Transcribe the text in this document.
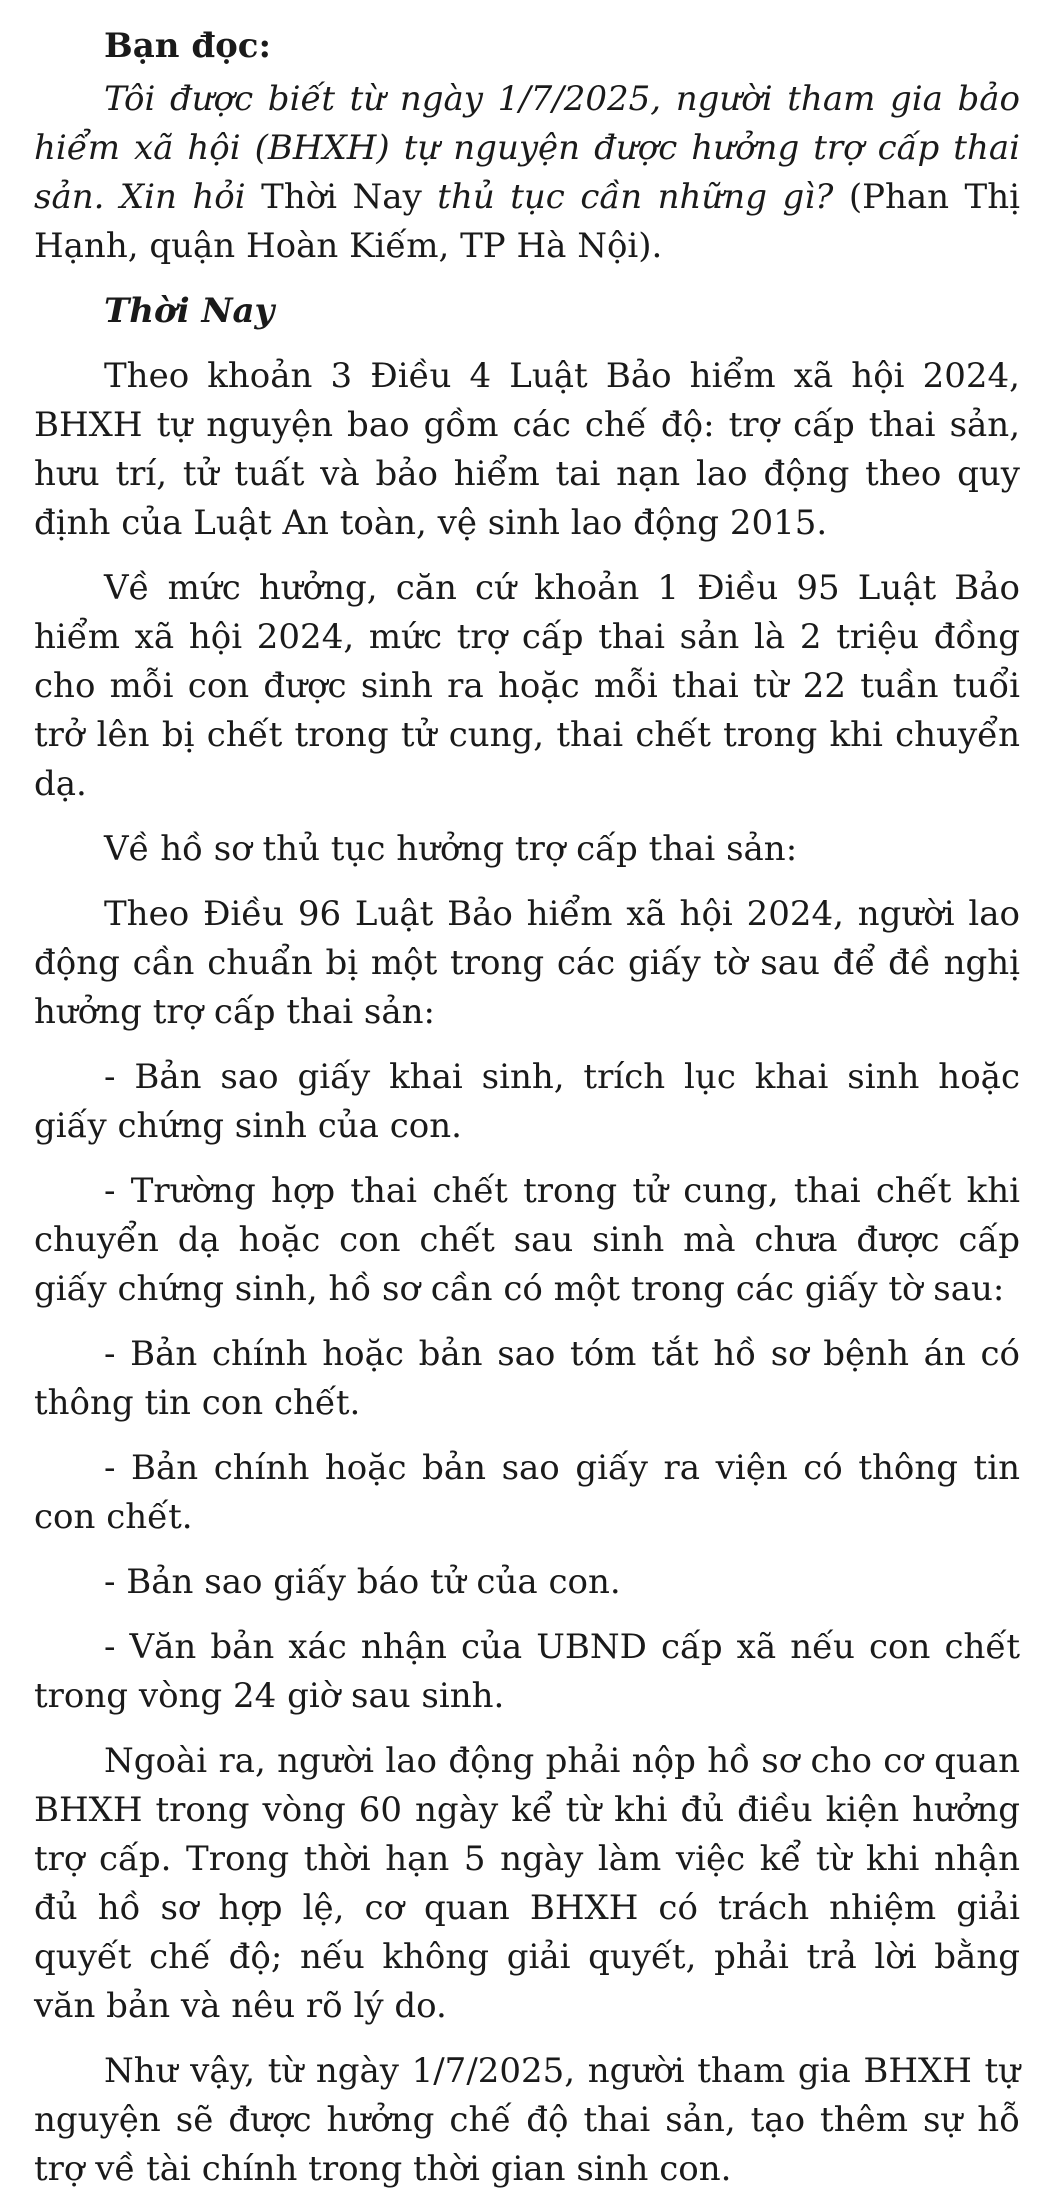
Bạn đọc:

Tôi được biết từ ngày 1/7/2025, người tham gia bảo hiểm xã hội (BHXH) tự nguyện được hưởng trợ cấp thai sản. Xin hỏi Thời Nay thủ tục cần những gì? (Phan Thị Hạnh, quận Hoàn Kiếm, TP Hà Nội).

Thời Nay

Theo khoản 3 Điều 4 Luật Bảo hiểm xã hội 2024, BHXH tự nguyện bao gồm các chế độ: trợ cấp thai sản, hưu trí, tử tuất và bảo hiểm tai nạn lao động theo quy định của Luật An toàn, vệ sinh lao động 2015.

Về mức hưởng, căn cứ khoản 1 Điều 95 Luật Bảo hiểm xã hội 2024, mức trợ cấp thai sản là 2 triệu đồng cho mỗi con được sinh ra hoặc mỗi thai từ 22 tuần tuổi trở lên bị chết trong tử cung, thai chết trong khi chuyển dạ.

Về hồ sơ thủ tục hưởng trợ cấp thai sản:

Theo Điều 96 Luật Bảo hiểm xã hội 2024, người lao động cần chuẩn bị một trong các giấy tờ sau để đề nghị hưởng trợ cấp thai sản:

- Bản sao giấy khai sinh, trích lục khai sinh hoặc giấy chứng sinh của con.

- Trường hợp thai chết trong tử cung, thai chết khi chuyển dạ hoặc con chết sau sinh mà chưa được cấp giấy chứng sinh, hồ sơ cần có một trong các giấy tờ sau:

- Bản chính hoặc bản sao tóm tắt hồ sơ bệnh án có thông tin con chết.

- Bản chính hoặc bản sao giấy ra viện có thông tin con chết.

- Bản sao giấy báo tử của con.

- Văn bản xác nhận của UBND cấp xã nếu con chết trong vòng 24 giờ sau sinh.

Ngoài ra, người lao động phải nộp hồ sơ cho cơ quan BHXH trong vòng 60 ngày kể từ khi đủ điều kiện hưởng trợ cấp. Trong thời hạn 5 ngày làm việc kể từ khi nhận đủ hồ sơ hợp lệ, cơ quan BHXH có trách nhiệm giải quyết chế độ; nếu không giải quyết, phải trả lời bằng văn bản và nêu rõ lý do.

Như vậy, từ ngày 1/7/2025, người tham gia BHXH tự nguyện sẽ được hưởng chế độ thai sản, tạo thêm sự hỗ trợ về tài chính trong thời gian sinh con.
